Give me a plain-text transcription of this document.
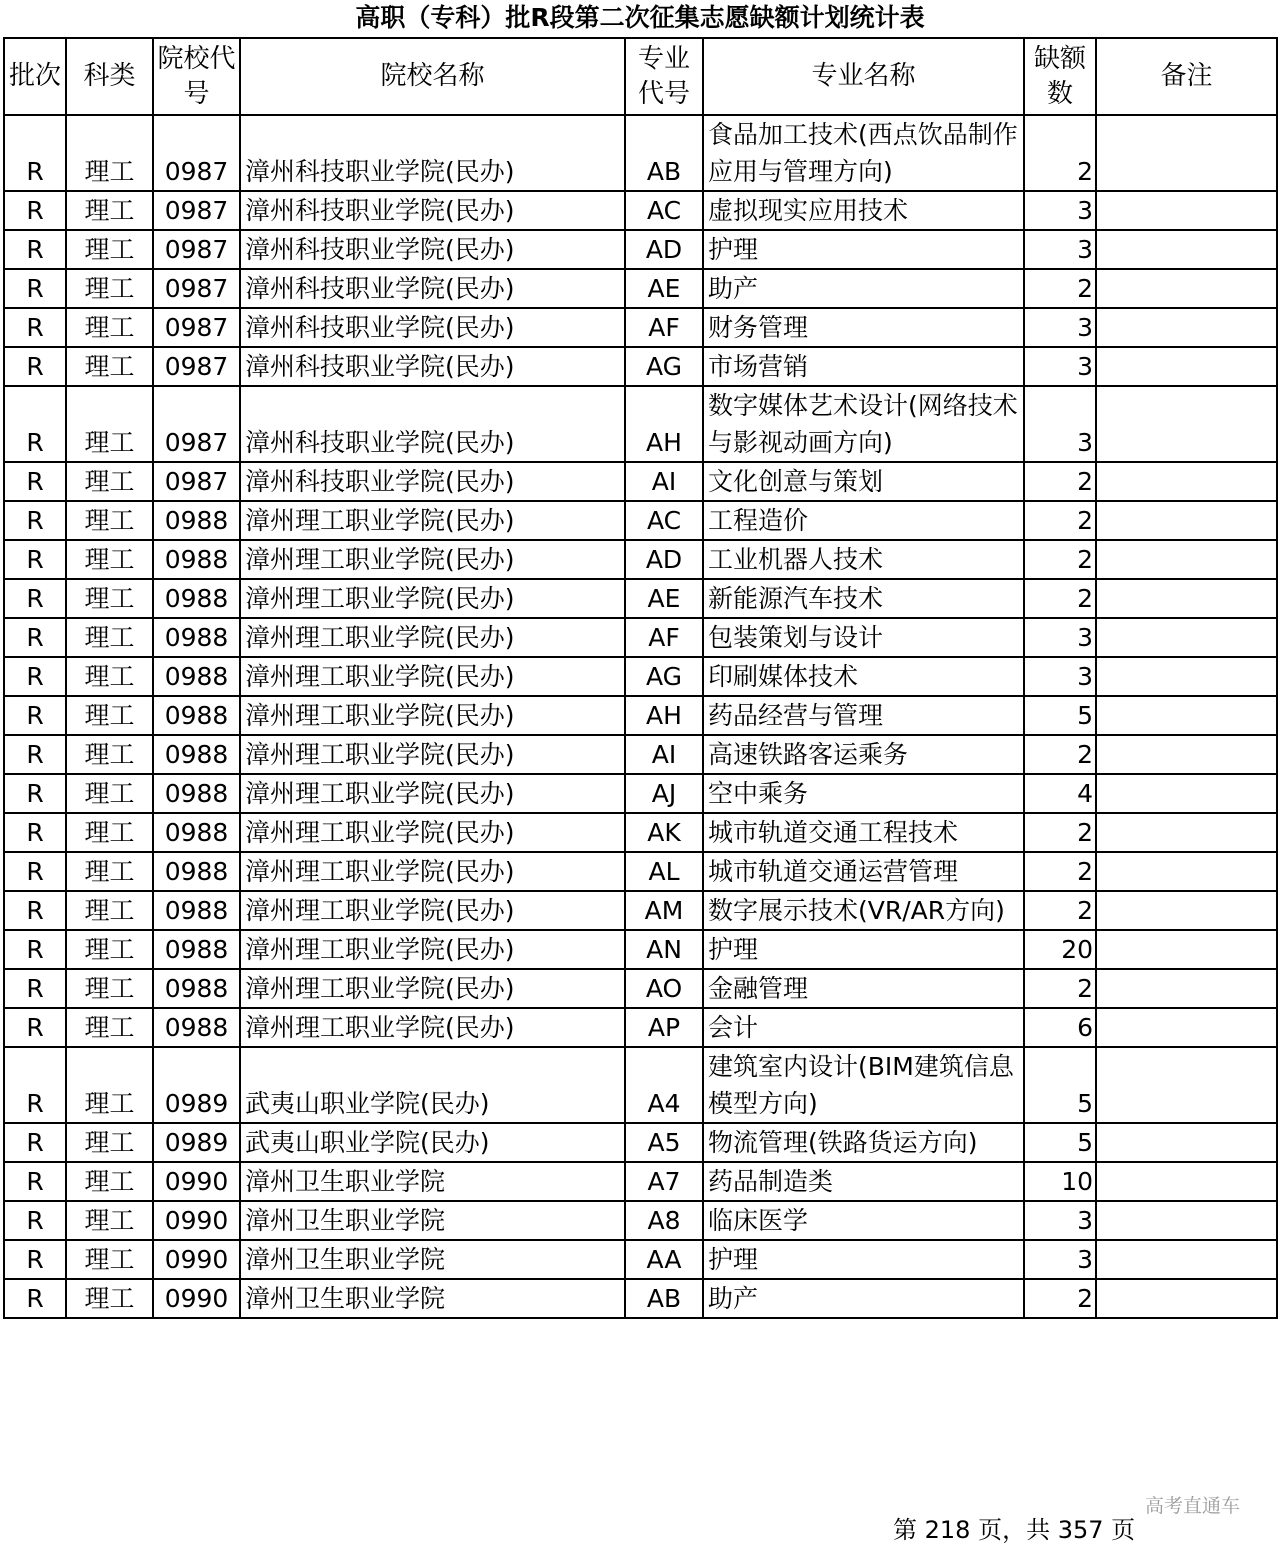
高职（专科）批R段第二次征集志愿缺额计划统计表
批次	科类	院校代号	院校名称	专业代号	专业名称	缺额数	备注
R	理工	0987	漳州科技职业学院(民办)	AB	食品加工技术(西点饮品制作应用与管理方向)	2	
R	理工	0987	漳州科技职业学院(民办)	AC	虚拟现实应用技术	3	
R	理工	0987	漳州科技职业学院(民办)	AD	护理	3	
R	理工	0987	漳州科技职业学院(民办)	AE	助产	2	
R	理工	0987	漳州科技职业学院(民办)	AF	财务管理	3	
R	理工	0987	漳州科技职业学院(民办)	AG	市场营销	3	
R	理工	0987	漳州科技职业学院(民办)	AH	数字媒体艺术设计(网络技术与影视动画方向)	3	
R	理工	0987	漳州科技职业学院(民办)	AI	文化创意与策划	2	
R	理工	0988	漳州理工职业学院(民办)	AC	工程造价	2	
R	理工	0988	漳州理工职业学院(民办)	AD	工业机器人技术	2	
R	理工	0988	漳州理工职业学院(民办)	AE	新能源汽车技术	2	
R	理工	0988	漳州理工职业学院(民办)	AF	包装策划与设计	3	
R	理工	0988	漳州理工职业学院(民办)	AG	印刷媒体技术	3	
R	理工	0988	漳州理工职业学院(民办)	AH	药品经营与管理	5	
R	理工	0988	漳州理工职业学院(民办)	AI	高速铁路客运乘务	2	
R	理工	0988	漳州理工职业学院(民办)	AJ	空中乘务	4	
R	理工	0988	漳州理工职业学院(民办)	AK	城市轨道交通工程技术	2	
R	理工	0988	漳州理工职业学院(民办)	AL	城市轨道交通运营管理	2	
R	理工	0988	漳州理工职业学院(民办)	AM	数字展示技术(VR/AR方向)	2	
R	理工	0988	漳州理工职业学院(民办)	AN	护理	20	
R	理工	0988	漳州理工职业学院(民办)	AO	金融管理	2	
R	理工	0988	漳州理工职业学院(民办)	AP	会计	6	
R	理工	0989	武夷山职业学院(民办)	A4	建筑室内设计(BIM建筑信息模型方向)	5	
R	理工	0989	武夷山职业学院(民办)	A5	物流管理(铁路货运方向)	5	
R	理工	0990	漳州卫生职业学院	A7	药品制造类	10	
R	理工	0990	漳州卫生职业学院	A8	临床医学	3	
R	理工	0990	漳州卫生职业学院	AA	护理	3	
R	理工	0990	漳州卫生职业学院	AB	助产	2	
第 218 页，共 357 页
高考直通车
